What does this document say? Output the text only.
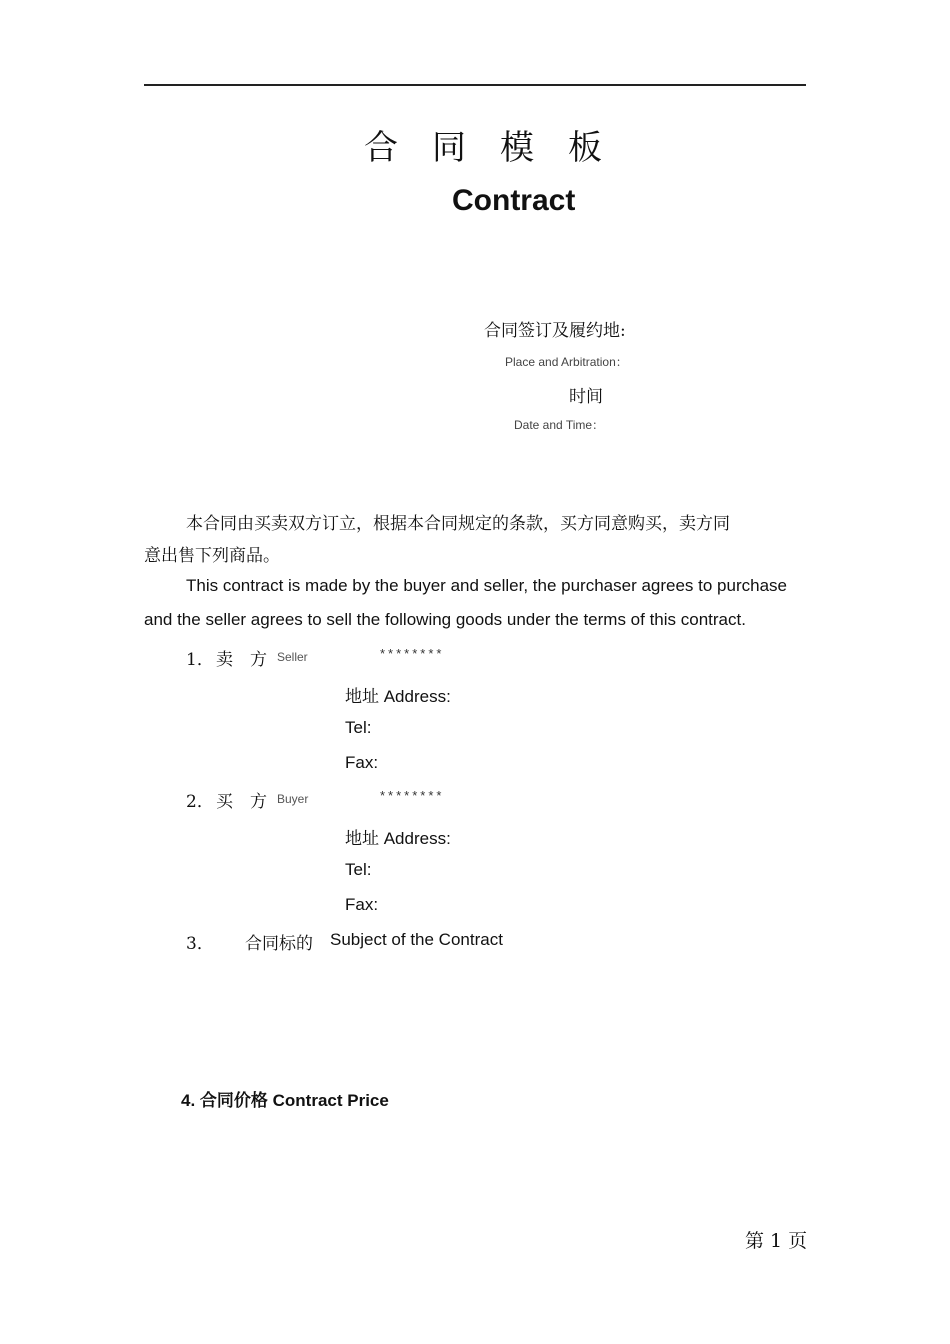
合 同 模 板
Contract
合同签订及履约地:
Place and Arbitration：
时间
Date and Time：
本合同由买卖双方订立，根据本合同规定的条款，买方同意购买，卖方同
意出售下列商品。
This contract is made by the buyer and seller, the purchaser agrees to purchase
and the seller agrees to sell the following goods under the terms of this contract.
1． 卖　方 Seller	********
地址 Address:
Tel:
Fax:
2． 买　方 Buyer	********
地址 Address:
Tel:
Fax:
3． 合同标的 Subject of the Contract
4. 合同价格 Contract Price
第 1 页
